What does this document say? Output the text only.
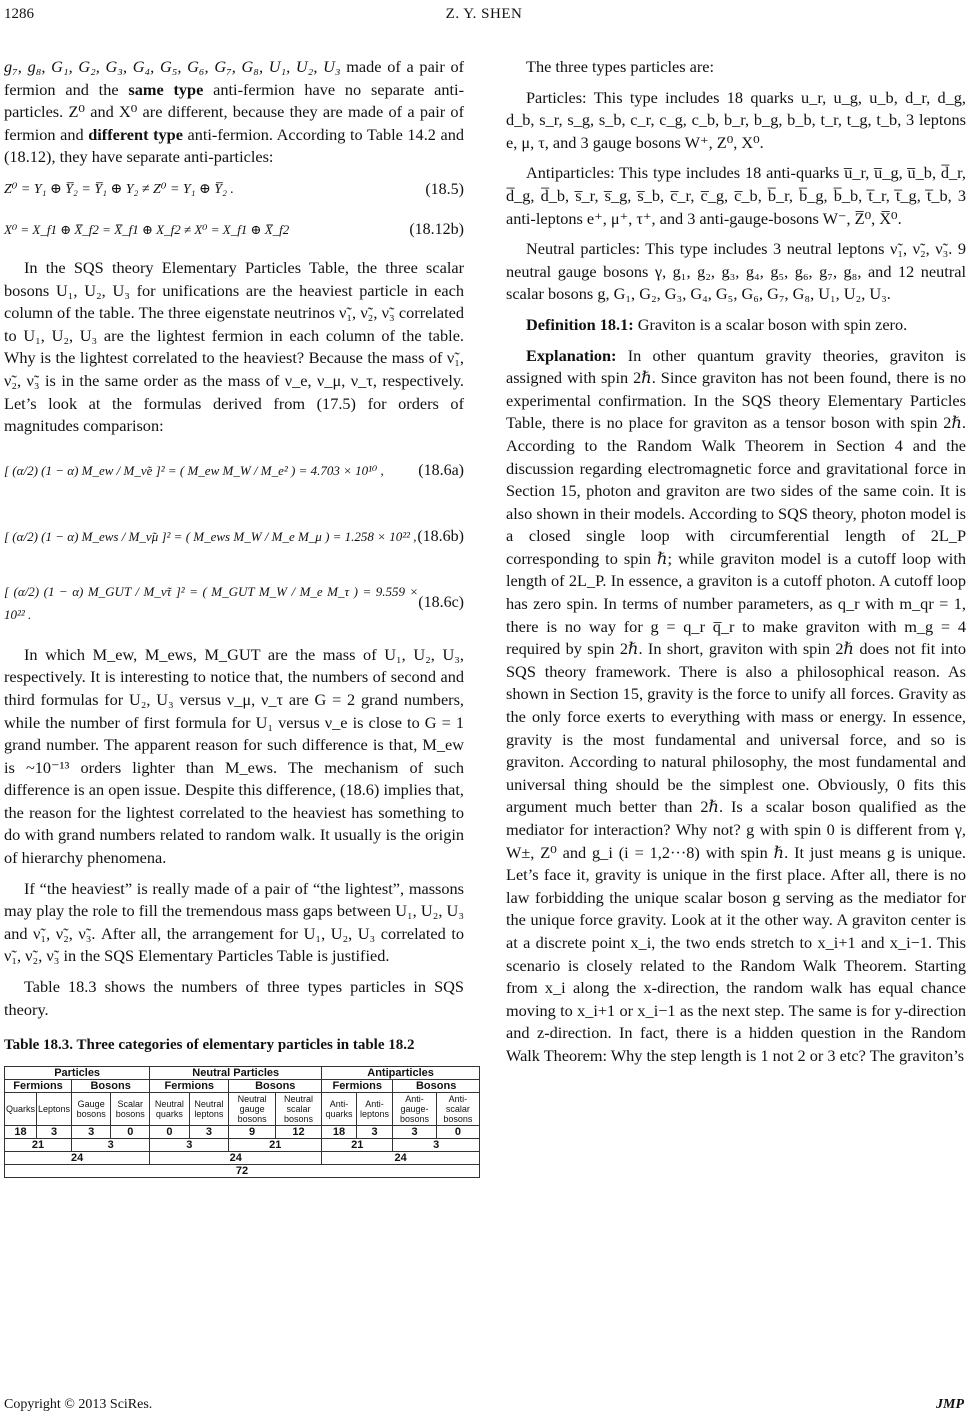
1286	Z. Y. SHEN

g₇, g₈, G₁, G₂, G₃, G₄, G₅, G₆, G₇, G₈, U₁, U₂, U₃ made of a pair of fermion and the same type anti-fermion have no separate anti-particles. Z⁰ and X⁰ are different, because they are made of a pair of fermion and different type anti-fermion. According to Table 14.2 and (18.12), they have separate anti-particles:

Z⁰ = Y₁ ⊕ Y̅₂ = Y̅₁ ⊕ Y₂ ≠ Z⁰ = Y₁ ⊕ Y̅₂ .	(18.5)
X⁰ = X_f1 ⊕ X̅_f2 = X̅_f1 ⊕ X_f2 ≠ X⁰ = X_f1 ⊕ X̅_f2	(18.12b)

In the SQS theory Elementary Particles Table, the three scalar bosons U₁, U₂, U₃ for unifications are the heaviest particle in each column of the table. The three eigenstate neutrinos ν̃₁, ν̃₂, ν̃₃ correlated to U₁, U₂, U₃ are the lightest fermion in each column of the table. Why is the lightest correlated to the heaviest? Because the mass of ν̃₁, ν̃₂, ν̃₃ is in the same order as the mass of ν_e, ν_μ, ν_τ, respectively. Let’s look at the formulas derived from (17.5) for orders of magnitudes comparison:

[ (α/2) (1 − α) M_ew / M_ν̃e ]² = ( M_ew M_W / M_e² ) = 4.703 × 10¹⁰ , (18.6a)
[ (α/2) (1 − α) M_ews / M_ν̃μ ]² = ( M_ews M_W / M_e M_μ ) = 1.258 × 10²² , (18.6b)
[ (α/2) (1 − α) M_GUT / M_ν̃τ ]² = ( M_GUT M_W / M_e M_τ ) = 9.559 × 10²² .
(18.6c)

In which M_ew, M_ews, M_GUT are the mass of U₁, U₂, U₃, respectively. It is interesting to notice that, the numbers of second and third formulas for U₂, U₃ versus ν_μ, ν_τ are G = 2 grand numbers, while the number of first formula for U₁ versus ν_e is close to G = 1 grand number. The apparent reason for such difference is that, M_ew is ~10⁻¹³ orders lighter than M_ews. The mechanism of such difference is an open issue. Despite this difference, (18.6) implies that, the reason for the lightest correlated to the heaviest has something to do with grand numbers related to random walk. It usually is the origin of hierarchy phenomena.

If “the heaviest” is really made of a pair of “the lightest”, massons may play the role to fill the tremendous mass gaps between U₁, U₂, U₃ and ν̃₁, ν̃₂, ν̃₃. After all, the arrangement for U₁, U₂, U₃ correlated to ν̃₁, ν̃₂, ν̃₃ in the SQS Elementary Particles Table is justified.

Table 18.3 shows the numbers of three types particles in SQS theory.

Table 18.3. Three categories of elementary particles in table 18.2
Particles				Neutral Particles				Antiparticles			
Fermions		Bosons		Fermions		Bosons		Fermions		Bosons	
Quarks	Leptons	Gauge bosons	Scalar bosons	Neutral quarks	Neutral leptons	Neutral gauge bosons	Neutral scalar bosons	Anti-quarks	Anti-leptons	Anti-gauge-bosons	Anti-scalar bosons
18	3	3	0	0	3	9	12	18	3	3	0
21		3		3		21		21		3	
24				24				24			
72											

The three types particles are:

Particles: This type includes 18 quarks u_r, u_g, u_b, d_r, d_g, d_b, s_r, s_g, s_b, c_r, c_g, c_b, b_r, b_g, b_b, t_r, t_g, t_b, 3 leptons e, μ, τ, and 3 gauge bosons W⁺, Z⁰, X⁰.

Antiparticles: This type includes 18 anti-quarks u̅_r, u̅_g, u̅_b, d̅_r, d̅_g, d̅_b, s̅_r, s̅_g, s̅_b, c̅_r, c̅_g, c̅_b, b̅_r, b̅_g, b̅_b, t̅_r, t̅_g, t̅_b, 3 anti-leptons e⁺, μ⁺, τ⁺, and 3 anti-gauge-bosons W⁻, Z̅⁰, X̅⁰.

Neutral particles: This type includes 3 neutral leptons ν̃₁, ν̃₂, ν̃₃. 9 neutral gauge bosons γ, g₁, g₂, g₃, g₄, g₅, g₆, g₇, g₈, and 12 neutral scalar bosons g, G₁, G₂, G₃, G₄, G₅, G₆, G₇, G₈, U₁, U₂, U₃.

Definition 18.1: Graviton is a scalar boson with spin zero.

Explanation: In other quantum gravity theories, graviton is assigned with spin 2ℏ. Since graviton has not been found, there is no experimental confirmation. In the SQS theory Elementary Particles Table, there is no place for graviton as a tensor boson with spin 2ℏ. According to the Random Walk Theorem in Section 4 and the discussion regarding electromagnetic force and gravitational force in Section 15, photon and graviton are two sides of the same coin. It is also shown in their models. According to SQS theory, photon model is a closed single loop with circumferential length of 2L_P corresponding to spin ℏ; while graviton model is a cutoff loop with length of 2L_P. In essence, a graviton is a cutoff photon. A cutoff loop has zero spin. In terms of number parameters, as q_r with m_qr = 1, there is no way for g = q_r q̅_r to make graviton with m_g = 4 required by spin 2ℏ. In short, graviton with spin 2ℏ does not fit into SQS theory framework. There is also a philosophical reason. As shown in Section 15, gravity is the force to unify all forces. Gravity as the only force exerts to everything with mass or energy. In essence, gravity is the most fundamental and universal force, and so is graviton. According to natural philosophy, the most fundamental and universal thing should be the simplest one. Obviously, 0 fits this argument much better than 2ℏ. Is a scalar boson qualified as the mediator for interaction? Why not? g with spin 0 is different from γ, W±, Z⁰ and g_i (i = 1,2···8) with spin ℏ. It just means g is unique. Let’s face it, gravity is unique in the first place. After all, there is no law forbidding the unique scalar boson g serving as the mediator for the unique force gravity. Look at it the other way. A graviton center is at a discrete point x_i, the two ends stretch to x_i+1 and x_i−1. This scenario is closely related to the Random Walk Theorem. Starting from x_i along the x-direction, the random walk has equal chance moving to x_i+1 or x_i−1 as the next step. The same is for y-direction and z-direction. In fact, there is a hidden question in the Random Walk Theorem: Why the step length is 1 not 2 or 3 etc? The graviton’s

Copyright © 2013 SciRes.	JMP
